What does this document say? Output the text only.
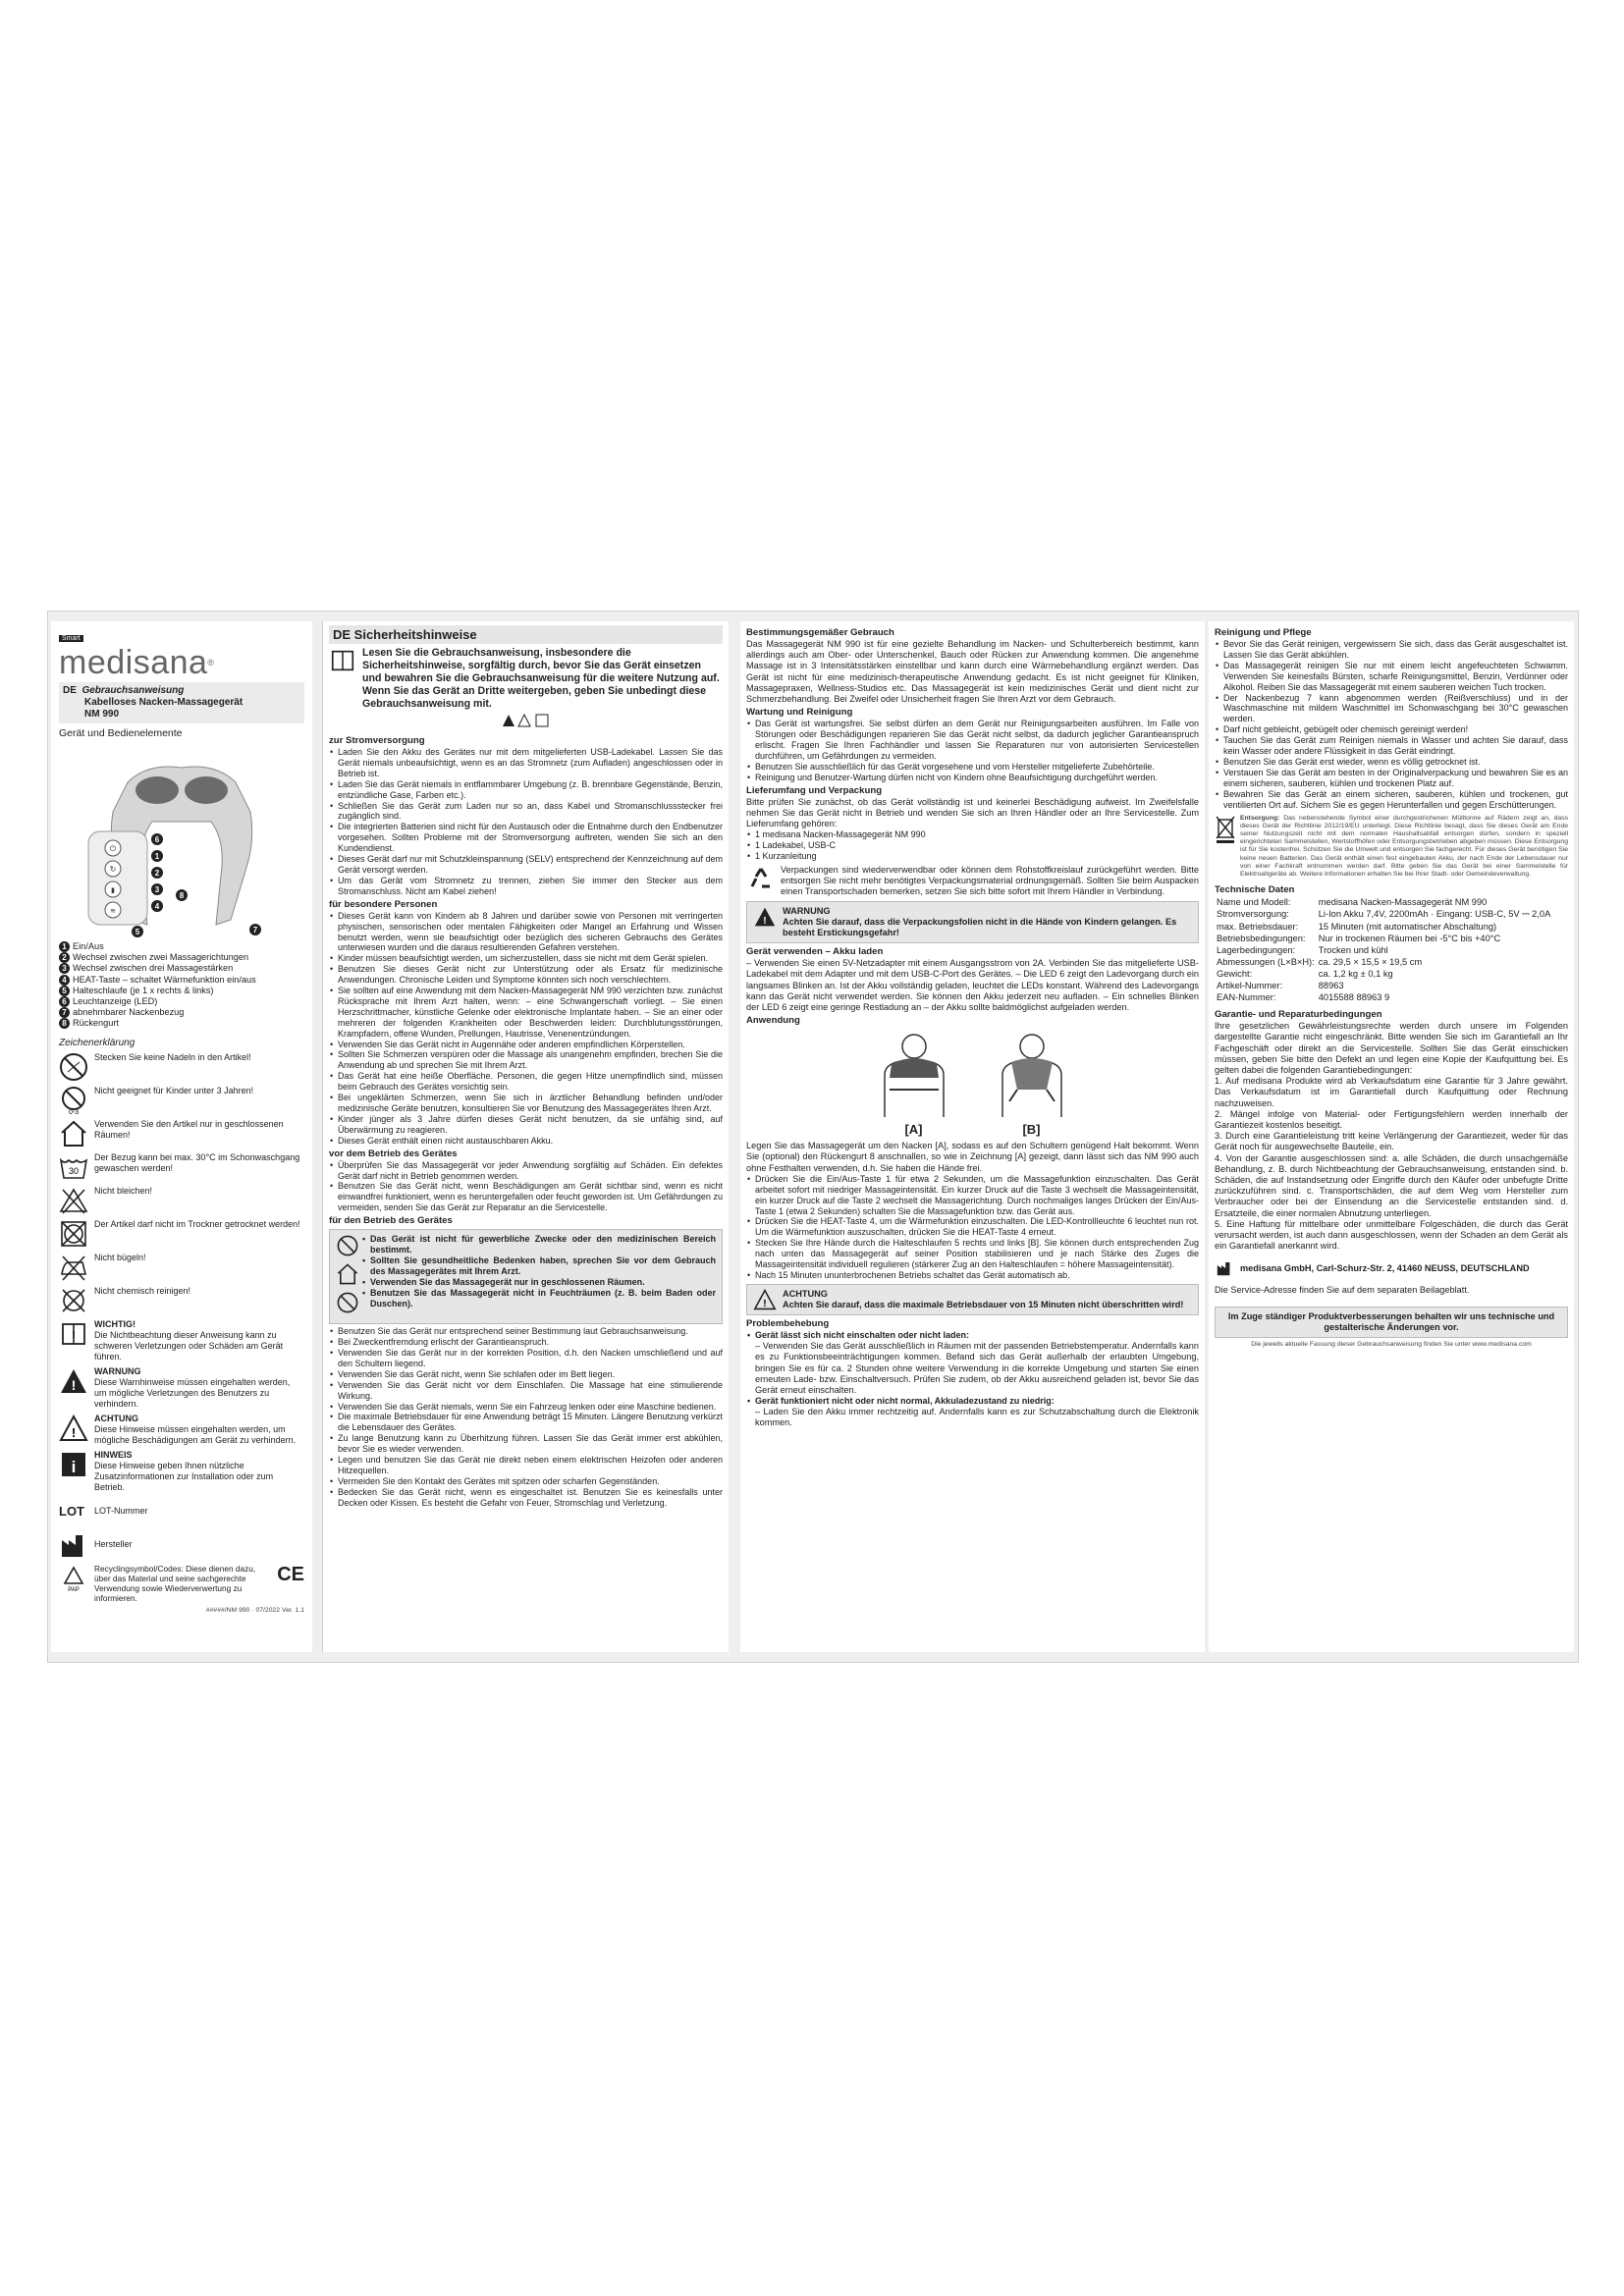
Smart
medisana®
DE Gebrauchsanweisung
Kabelloses Nacken-Massagegerät
NM 990
Gerät und Bedienelemente
⏻
↻
▮
≋
6
1
2
3
4
8
5	7
1 Ein/Aus
2 Wechsel zwischen zwei Massagerichtungen
3 Wechsel zwischen drei Massagestärken
4 HEAT-Taste – schaltet Wärmefunktion ein/aus
5 Halteschlaufe (je 1 x rechts & links)
6 Leuchtanzeige (LED)
7 abnehmbarer Nackenbezug
8 Rückengurt
Zeichenerklärung
Stecken Sie keine Nadeln in den Artikel!
0-3
Nicht geeignet für Kinder unter 3 Jahren!
Verwenden Sie den Artikel nur in geschlossenen Räumen!
30
Der Bezug kann bei max. 30°C im Schonwaschgang gewaschen werden!
Nicht bleichen!
Der Artikel darf nicht im Trockner getrocknet werden!
Nicht bügeln!
Nicht chemisch reinigen!
!
WICHTIG!
Die Nichtbeachtung dieser Anweisung kann zu schweren Verletzungen oder Schäden am Gerät führen.
!
WARNUNG
Diese Warnhinweise müssen eingehalten werden, um mögliche Verletzungen des Benutzers zu verhindern.
!
ACHTUNG
Diese Hinweise müssen eingehalten werden, um mögliche Beschädigungen am Gerät zu verhindern.
i
HINWEIS
Diese Hinweise geben Ihnen nützliche Zusatzinformationen zur Installation oder zum Betrieb.
LOT	LOT-Nummer
Hersteller
PAP
Recyclingsymbol/Codes: Diese dienen dazu, über das Material und seine sachgerechte Verwendung sowie Wiederverwertung zu informieren.
CE
#####/NM 990 · 07/2022 Ver. 1.1
DE Sicherheitshinweise
Lesen Sie die Gebrauchsanweisung, insbesondere die Sicherheitshinweise, sorgfältig durch, bevor Sie das Gerät einsetzen und bewahren Sie die Gebrauchsanweisung für die weitere Nutzung auf. Wenn Sie das Gerät an Dritte weitergeben, geben Sie unbedingt diese Gebrauchsanweisung mit.
zur Stromversorgung
• Laden Sie den Akku des Gerätes nur mit dem mitgelieferten USB-Ladekabel. Lassen Sie das Gerät niemals unbeaufsichtigt, wenn es an das Stromnetz (zum Aufladen) angeschlossen oder in Betrieb ist.
• Laden Sie das Gerät niemals in entflammbarer Umgebung (z. B. brennbare Gegenstände, Benzin, entzündliche Gase, Farben etc.).
• Schließen Sie das Gerät zum Laden nur so an, dass Kabel und Stromanschlussstecker frei zugänglich sind.
• Die integrierten Batterien sind nicht für den Austausch oder die Entnahme durch den Endbenutzer vorgesehen. Sollten Probleme mit der Stromversorgung auftreten, wenden Sie sich an den Kundendienst.
• Dieses Gerät darf nur mit Schutzkleinspannung (SELV) entsprechend der Kennzeichnung auf dem Gerät versorgt werden.
• Um das Gerät vom Stromnetz zu trennen, ziehen Sie immer den Stecker aus dem Stromanschluss. Nicht am Kabel ziehen!
für besondere Personen
• Dieses Gerät kann von Kindern ab 8 Jahren und darüber sowie von Personen mit verringerten physischen, sensorischen oder mentalen Fähigkeiten oder Mangel an Erfahrung und Wissen benutzt werden, wenn sie beaufsichtigt oder bezüglich des sicheren Gebrauchs des Gerätes unterwiesen wurden und die daraus resultierenden Gefahren verstehen.
• Kinder müssen beaufsichtigt werden, um sicherzustellen, dass sie nicht mit dem Gerät spielen.
• Benutzen Sie dieses Gerät nicht zur Unterstützung oder als Ersatz für medizinische Anwendungen. Chronische Leiden und Symptome könnten sich noch verschlechtern.
• Sie sollten auf eine Anwendung mit dem Nacken-Massagegerät NM 990 verzichten bzw. zunächst Rücksprache mit Ihrem Arzt halten, wenn: – eine Schwangerschaft vorliegt. – Sie einen Herzschrittmacher, künstliche Gelenke oder elektronische Implantate haben. – Sie an einer oder mehreren der folgenden Krankheiten oder Beschwerden leiden: Durchblutungsstörungen, Krampfadern, offene Wunden, Prellungen, Hautrisse, Venenentzündungen.
• Verwenden Sie das Gerät nicht in Augennähe oder anderen empfindlichen Körperstellen.
• Sollten Sie Schmerzen verspüren oder die Massage als unangenehm empfinden, brechen Sie die Anwendung ab und sprechen Sie mit Ihrem Arzt.
• Das Gerät hat eine heiße Oberfläche. Personen, die gegen Hitze unempfindlich sind, müssen beim Gebrauch des Gerätes vorsichtig sein.
• Bei ungeklärten Schmerzen, wenn Sie sich in ärztlicher Behandlung befinden und/oder medizinische Geräte benutzen, konsultieren Sie vor Benutzung des Massagegerätes Ihren Arzt.
• Kinder jünger als 3 Jahre dürfen dieses Gerät nicht benutzen, da sie unfähig sind, auf Überwärmung zu reagieren.
• Dieses Gerät enthält einen nicht austauschbaren Akku.
vor dem Betrieb des Gerätes
• Überprüfen Sie das Massagegerät vor jeder Anwendung sorgfältig auf Schäden. Ein defektes Gerät darf nicht in Betrieb genommen werden.
• Benutzen Sie das Gerät nicht, wenn Beschädigungen am Gerät sichtbar sind, wenn es nicht einwandfrei funktioniert, wenn es heruntergefallen oder feucht geworden ist. Um Gefährdungen zu vermeiden, senden Sie das Gerät zur Reparatur an die Servicestelle.
für den Betrieb des Gerätes

• Das Gerät ist nicht für gewerbliche Zwecke oder den medizinischen Bereich bestimmt.
• Sollten Sie gesundheitliche Bedenken haben, sprechen Sie vor dem Gebrauch des Massagegerätes mit Ihrem Arzt.
• Verwenden Sie das Massagegerät nur in geschlossenen Räumen.
• Benutzen Sie das Massagegerät nicht in Feuchträumen (z. B. beim Baden oder Duschen).
• Benutzen Sie das Gerät nur entsprechend seiner Bestimmung laut Gebrauchsanweisung.
• Bei Zweckentfremdung erlischt der Garantieanspruch.
• Verwenden Sie das Gerät nur in der korrekten Position, d.h. den Nacken umschließend und auf den Schultern liegend.
• Verwenden Sie das Gerät nicht, wenn Sie schlafen oder im Bett liegen.
• Verwenden Sie das Gerät nicht vor dem Einschlafen. Die Massage hat eine stimulierende Wirkung.
• Verwenden Sie das Gerät niemals, wenn Sie ein Fahrzeug lenken oder eine Maschine bedienen.
• Die maximale Betriebsdauer für eine Anwendung beträgt 15 Minuten. Längere Benutzung verkürzt die Lebensdauer des Gerätes.
• Zu lange Benutzung kann zu Überhitzung führen. Lassen Sie das Gerät immer erst abkühlen, bevor Sie es wieder verwenden.
• Legen und benutzen Sie das Gerät nie direkt neben einem elektrischen Heizofen oder anderen Hitzequellen.
• Vermeiden Sie den Kontakt des Gerätes mit spitzen oder scharfen Gegenständen.
• Bedecken Sie das Gerät nicht, wenn es eingeschaltet ist. Benutzen Sie es keinesfalls unter Decken oder Kissen. Es besteht die Gefahr von Feuer, Stromschlag und Verletzung.
Bestimmungsgemäßer Gebrauch

Das Massagegerät NM 990 ist für eine gezielte Behandlung im Nacken- und Schulterbereich bestimmt, kann allerdings auch am Ober- oder Unterschenkel, Bauch oder Rücken zur Anwendung kommen. Die angenehme Massage ist in 3 Intensitätsstärken einstellbar und kann durch eine Wärmebehandlung ergänzt werden. Das Gerät ist nicht für eine medizinisch-therapeutische Anwendung gedacht. Es ist nicht geeignet für Kliniken, Massagepraxen, Wellness-Studios etc. Das Massagegerät ist kein medizinisches Gerät und dient nicht zur Schmerzbehandlung. Bei Zweifel oder Unsicherheit fragen Sie Ihren Arzt vor dem Gebrauch.

Wartung und Reinigung
• Das Gerät ist wartungsfrei. Sie selbst dürfen an dem Gerät nur Reinigungsarbeiten ausführen. Im Falle von Störungen oder Beschädigungen reparieren Sie das Gerät nicht selbst, da dadurch jeglicher Garantieanspruch erlischt. Fragen Sie Ihren Fachhändler und lassen Sie Reparaturen nur von autorisierten Servicestellen durchführen, um Gefährdungen zu vermeiden.
• Benutzen Sie ausschließlich für das Gerät vorgesehene und vom Hersteller mitgelieferte Zubehörteile.
• Reinigung und Benutzer-Wartung dürfen nicht von Kindern ohne Beaufsichtigung durchgeführt werden.
Lieferumfang und Verpackung

Bitte prüfen Sie zunächst, ob das Gerät vollständig ist und keinerlei Beschädigung aufweist. Im Zweifelsfalle nehmen Sie das Gerät nicht in Betrieb und wenden Sie sich an Ihren Händler oder an Ihre Servicestelle. Zum Lieferumfang gehören:

• 1 medisana Nacken-Massagegerät NM 990
• 1 Ladekabel, USB-C
• 1 Kurzanleitung

Verpackungen sind wiederverwendbar oder können dem Rohstoffkreislauf zurückgeführt werden. Bitte entsorgen Sie nicht mehr benötigtes Verpackungsmaterial ordnungsgemäß. Sollten Sie beim Auspacken einen Transportschaden bemerken, setzen Sie sich bitte sofort mit Ihrem Händler in Verbindung.

!
WARNUNG
Achten Sie darauf, dass die Verpackungsfolien nicht in die Hände von Kindern gelangen. Es besteht Erstickungsgefahr!
Gerät verwenden – Akku laden

– Verwenden Sie einen 5V-Netzadapter mit einem Ausgangsstrom von 2A. Verbinden Sie das mitgelieferte USB-Ladekabel mit dem Adapter und mit dem USB-C-Port des Gerätes. – Die LED 6 zeigt den Ladevorgang durch ein langsames Blinken an. Ist der Akku vollständig geladen, leuchtet die LEDs konstant. Während des Ladevorgangs kann das Gerät nicht verwendet werden. Sie können den Akku jederzeit neu aufladen. – Ein schnelles Blinken der LED 6 zeigt eine geringe Restladung an – der Akku sollte baldmöglichst aufgeladen werden.

Anwendung
[A]	[B]

Legen Sie das Massagegerät um den Nacken [A], sodass es auf den Schultern genügend Halt bekommt. Wenn Sie (optional) den Rückengurt 8 anschnallen, so wie in Zeichnung [A] gezeigt, dann lässt sich das NM 990 auch ohne Festhalten verwenden, d.h. Sie haben die Hände frei.

• Drücken Sie die Ein/Aus-Taste 1 für etwa 2 Sekunden, um die Massagefunktion einzuschalten. Das Gerät arbeitet sofort mit niedriger Massageintensität. Ein kurzer Druck auf die Taste 3 wechselt die Massageintensität, ein kurzer Druck auf die Taste 2 wechselt die Massagerichtung. Durch nochmaliges langes Drücken der Ein/Aus-Taste 1 (etwa 2 Sekunden) schalten Sie die Massagefunktion bzw. das Gerät aus.
• Drücken Sie die HEAT-Taste 4, um die Wärmefunktion einzuschalten. Die LED-Kontrollleuchte 6 leuchtet nun rot. Um die Wärmefunktion auszuschalten, drücken Sie die HEAT-Taste 4 erneut.
• Stecken Sie Ihre Hände durch die Halteschlaufen 5 rechts und links [B]. Sie können durch entsprechenden Zug nach unten das Massagegerät auf seiner Position stabilisieren und je nach Stärke des Zuges die Massageintensität individuell regulieren (stärkerer Zug an den Halteschlaufen = höhere Massageintensität).
• Nach 15 Minuten ununterbrochenen Betriebs schaltet das Gerät automatisch ab.
!
ACHTUNG
Achten Sie darauf, dass die maximale Betriebsdauer von 15 Minuten nicht überschritten wird!
Problembehebung
• Gerät lässt sich nicht einschalten oder nicht laden:

– Verwenden Sie das Gerät ausschließlich in Räumen mit der passenden Betriebstemperatur. Andernfalls kann es zu Funktionsbeeinträchtigungen kommen. Befand sich das Gerät außerhalb der erlaubten Umgebung, bringen Sie es für ca. 2 Stunden ohne weitere Verwendung in die korrekte Umgebung und starten Sie einen erneuten Lade- bzw. Einschaltversuch. Prüfen Sie zudem, ob der Akku ausreichend geladen ist, bevor Sie das Gerät erneut einschalten.

• Gerät funktioniert nicht oder nicht normal, Akkuladezustand zu niedrig:

– Laden Sie den Akku immer rechtzeitig auf. Andernfalls kann es zur Schutzabschaltung durch die Elektronik kommen.

Reinigung und Pflege
• Bevor Sie das Gerät reinigen, vergewissern Sie sich, dass das Gerät ausgeschaltet ist. Lassen Sie das Gerät abkühlen.
• Das Massagegerät reinigen Sie nur mit einem leicht angefeuchteten Schwamm. Verwenden Sie keinesfalls Bürsten, scharfe Reinigungsmittel, Benzin, Verdünner oder Alkohol. Reiben Sie das Massagegerät mit einem sauberen weichen Tuch trocken.
• Der Nackenbezug 7 kann abgenommen werden (Reißverschluss) und in der Waschmaschine mit mildem Waschmittel im Schonwaschgang bei 30°C gewaschen werden.
• Darf nicht gebleicht, gebügelt oder chemisch gereinigt werden!
• Tauchen Sie das Gerät zum Reinigen niemals in Wasser und achten Sie darauf, dass kein Wasser oder andere Flüssigkeit in das Gerät eindringt.
• Benutzen Sie das Gerät erst wieder, wenn es völlig getrocknet ist.
• Verstauen Sie das Gerät am besten in der Originalverpackung und bewahren Sie es an einem sicheren, sauberen, kühlen und trockenen Platz auf.
• Bewahren Sie das Gerät an einem sicheren, sauberen, kühlen und trockenen, gut ventilierten Ort auf. Sichern Sie es gegen Herunterfallen und gegen Erschütterungen.
Entsorgung: Das nebenstehende Symbol einer durchgestrichenen Mülltonne auf Rädern zeigt an, dass dieses Gerät der Richtlinie 2012/19/EU unterliegt. Diese Richtlinie besagt, dass Sie dieses Gerät am Ende seiner Nutzungszeit nicht mit dem normalen Haushaltsabfall entsorgen dürfen, sondern in speziell eingerichteten Sammelstellen, Wertstoffhöfen oder Entsorgungsbetrieben abgeben müssen. Diese Entsorgung ist für Sie kostenfrei. Schützen Sie die Umwelt und entsorgen Sie fachgerecht. Für dieses Gerät benötigen Sie keine neuen Batterien. Das Gerät enthält einen fest eingebauten Akku, der nach Ende der Lebensdauer nur von einer Fachkraft entnommen werden darf. Bitte geben Sie das Gerät bei einer Sammelstelle für Elektroaltgeräte ab. Weitere Informationen erhalten Sie bei Ihrer Stadt- oder Gemeindeverwaltung.
Technische Daten
Name und Modell:	medisana Nacken-Massagegerät NM 990
Stromversorgung:	Li-Ion Akku 7,4V, 2200mAh · Eingang: USB-C, 5V ⎓ 2,0A
max. Betriebsdauer:	15 Minuten (mit automatischer Abschaltung)
Betriebsbedingungen:	Nur in trockenen Räumen bei -5°C bis +40°C
Lagerbedingungen:	Trocken und kühl
Abmessungen (L×B×H):	ca. 29,5 × 15,5 × 19,5 cm
Gewicht:	ca. 1,2 kg ± 0,1 kg
Artikel-Nummer:	88963
EAN-Nummer:	4015588 88963 9
Garantie- und Reparaturbedingungen

Ihre gesetzlichen Gewährleistungsrechte werden durch unsere im Folgenden dargestellte Garantie nicht eingeschränkt. Bitte wenden Sie sich im Garantiefall an Ihr Fachgeschäft oder direkt an die Servicestelle. Sollten Sie das Gerät einschicken müssen, geben Sie bitte den Defekt an und legen eine Kopie der Kaufquittung bei. Es gelten dabei die folgenden Garantiebedingungen:

1. Auf medisana Produkte wird ab Verkaufsdatum eine Garantie für 3 Jahre gewährt. Das Verkaufsdatum ist im Garantiefall durch Kaufquittung oder Rechnung nachzuweisen.

2. Mängel infolge von Material- oder Fertigungsfehlern werden innerhalb der Garantiezeit kostenlos beseitigt.

3. Durch eine Garantieleistung tritt keine Verlängerung der Garantiezeit, weder für das Gerät noch für ausgewechselte Bauteile, ein.

4. Von der Garantie ausgeschlossen sind: a. alle Schäden, die durch unsachgemäße Behandlung, z. B. durch Nichtbeachtung der Gebrauchsanweisung, entstanden sind. b. Schäden, die auf Instandsetzung oder Eingriffe durch den Käufer oder unbefugte Dritte zurückzuführen sind. c. Transportschäden, die auf dem Weg vom Hersteller zum Verbraucher oder bei der Einsendung an die Servicestelle entstanden sind. d. Ersatzteile, die einer normalen Abnutzung unterliegen.

5. Eine Haftung für mittelbare oder unmittelbare Folgeschäden, die durch das Gerät verursacht werden, ist auch dann ausgeschlossen, wenn der Schaden an dem Gerät als ein Garantiefall anerkannt wird.

medisana GmbH, Carl-Schurz-Str. 2, 41460 NEUSS, DEUTSCHLAND

Die Service-Adresse finden Sie auf dem separaten Beilageblatt.

Im Zuge ständiger Produktverbesserungen behalten wir uns technische und gestalterische Änderungen vor.
Die jeweils aktuelle Fassung dieser Gebrauchsanweisung finden Sie unter www.medisana.com
